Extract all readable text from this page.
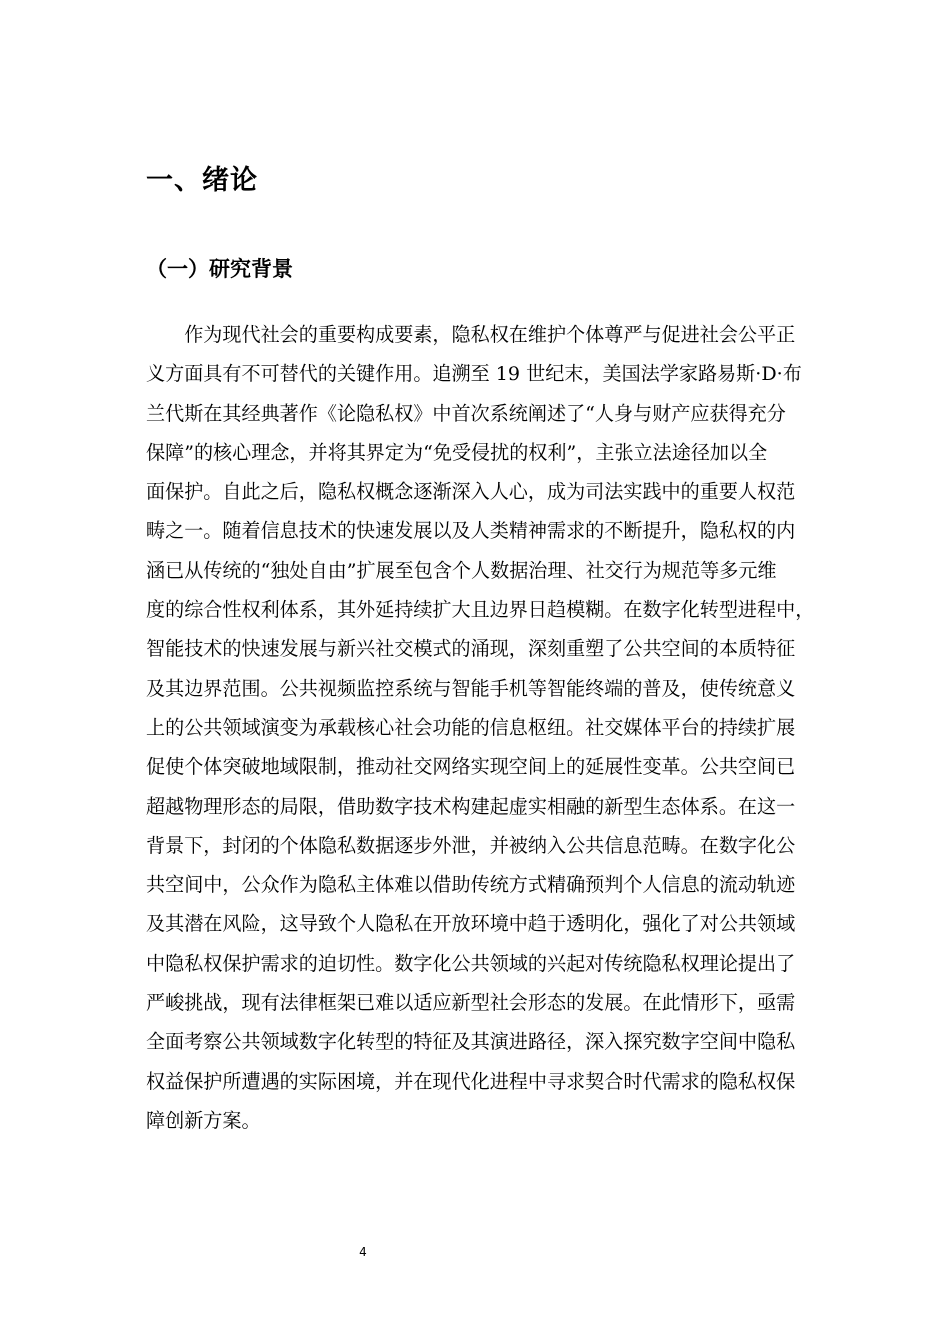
一、绪论
（一）研究背景
　　作为现代社会的重要构成要素，隐私权在维护个体尊严与促进社会公平正
义方面具有不可替代的关键作用。追溯至 19 世纪末，美国法学家路易斯·D·布
兰代斯在其经典著作《论隐私权》中首次系统阐述了“人身与财产应获得充分
保障”的核心理念，并将其界定为“免受侵扰的权利”，主张立法途径加以全
面保护。自此之后，隐私权概念逐渐深入人心，成为司法实践中的重要人权范
畴之一。随着信息技术的快速发展以及人类精神需求的不断提升，隐私权的内
涵已从传统的“独处自由”扩展至包含个人数据治理、社交行为规范等多元维
度的综合性权利体系，其外延持续扩大且边界日趋模糊。在数字化转型进程中，
智能技术的快速发展与新兴社交模式的涌现，深刻重塑了公共空间的本质特征
及其边界范围。公共视频监控系统与智能手机等智能终端的普及，使传统意义
上的公共领域演变为承载核心社会功能的信息枢纽。社交媒体平台的持续扩展
促使个体突破地域限制，推动社交网络实现空间上的延展性变革。公共空间已
超越物理形态的局限，借助数字技术构建起虚实相融的新型生态体系。在这一
背景下，封闭的个体隐私数据逐步外泄，并被纳入公共信息范畴。在数字化公
共空间中，公众作为隐私主体难以借助传统方式精确预判个人信息的流动轨迹
及其潜在风险，这导致个人隐私在开放环境中趋于透明化，强化了对公共领域
中隐私权保护需求的迫切性。数字化公共领域的兴起对传统隐私权理论提出了
严峻挑战，现有法律框架已难以适应新型社会形态的发展。在此情形下，亟需
全面考察公共领域数字化转型的特征及其演进路径，深入探究数字空间中隐私
权益保护所遭遇的实际困境，并在现代化进程中寻求契合时代需求的隐私权保
障创新方案。
4
